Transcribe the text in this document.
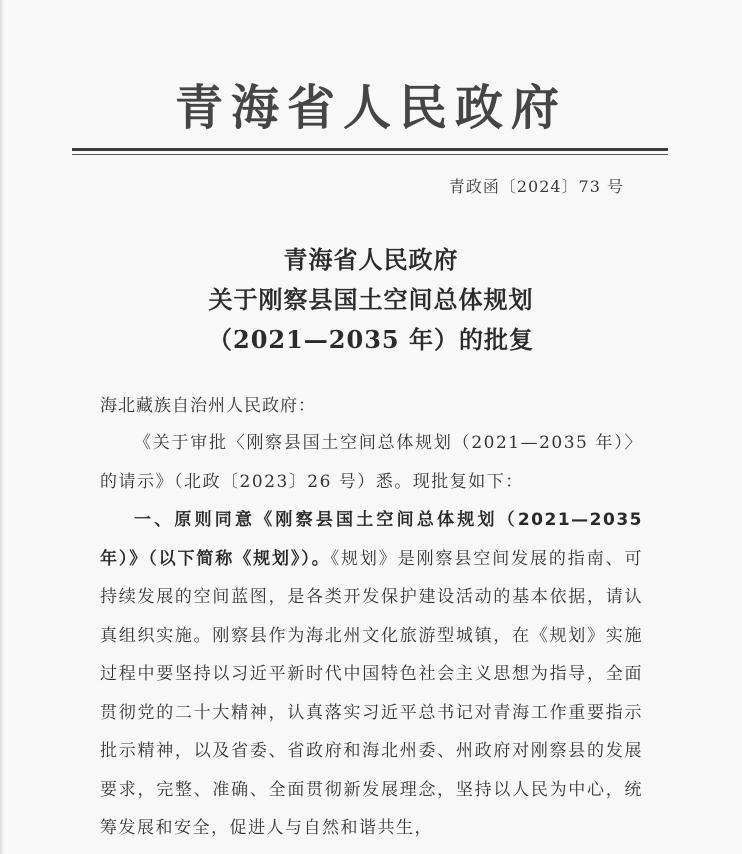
青海省人民政府
青政函〔2024〕73 号
青海省人民政府
关于刚察县国土空间总体规划
（2021—2035 年）的批复
海北藏族自治州人民政府：

《关于审批〈刚察县国土空间总体规划（2021—2035 年）〉的请示》（北政〔2023〕26 号）悉。现批复如下：

一、原则同意《刚察县国土空间总体规划（2021—2035年）》（以下简称《规划》）。《规划》是刚察县空间发展的指南、可持续发展的空间蓝图，是各类开发保护建设活动的基本依据，请认真组织实施。刚察县作为海北州文化旅游型城镇，在《规划》实施过程中要坚持以习近平新时代中国特色社会主义思想为指导，全面贯彻党的二十大精神，认真落实习近平总书记对青海工作重要指示批示精神，以及省委、省政府和海北州委、州政府对刚察县的发展要求，完整、准确、全面贯彻新发展理念，坚持以人民为中心，统筹发展和安全，促进人与自然和谐共生，
